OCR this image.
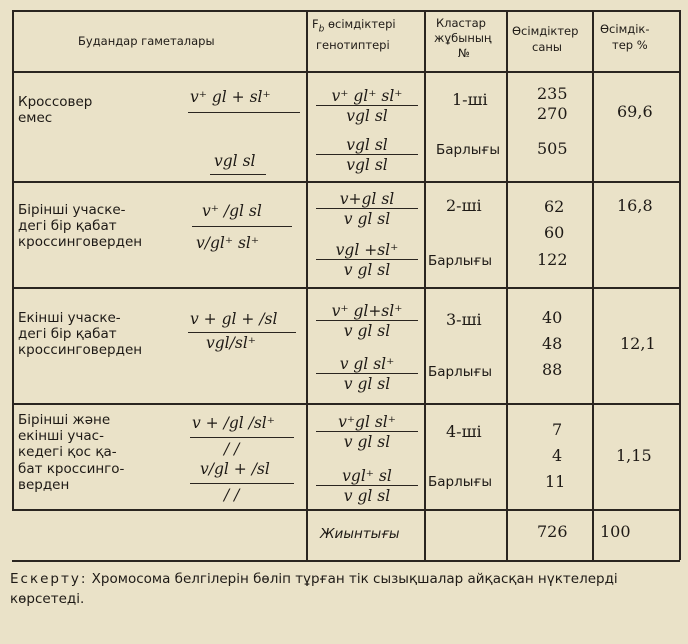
Будандар гаметалары
$F_b$ өсімдіктері
генотиптері
Кластар
жұбының
№
Өсімдіктер
саны
Өсімдік-
тер %
Кроссовер
емес
v⁺ gl + sl⁺
vgl sl
v⁺ gl⁺ sl⁺
vgl sl
vgl sl
vgl sl
1-ші
Барлығы
235
270
505
69,6
Бірінші учаске-
дегі бір қабат
кроссинговерден
v⁺ /gl sl
v/gl⁺ sl⁺
v+gl sl
v gl sl
vgl +sl⁺
v gl sl
2-ші
Барлығы
62
60
122
16,8
Екінші учаске-
дегі бір қабат
кроссинговерден
v + gl + /sl
vgl/sl⁺
v⁺ gl+sl⁺
v gl sl
v gl sl⁺
v gl sl
3-ші
Барлығы
40
48
88
12,1
Бірінші және
екінші учас-
кедегі қос қа-
бат кроссинго-
верден
v + /gl /sl⁺
/ /
v/gl + /sl
/ /
v⁺gl sl⁺
v gl sl
vgl⁺ sl
v gl sl
4-ші
Барлығы
7
4
11
1,15
Жиынтығы	726 100
Ескерту: Хромосома белгілерін бөліп тұрған тік сызықшалар айқасқан нүктелерді көрсетеді.
